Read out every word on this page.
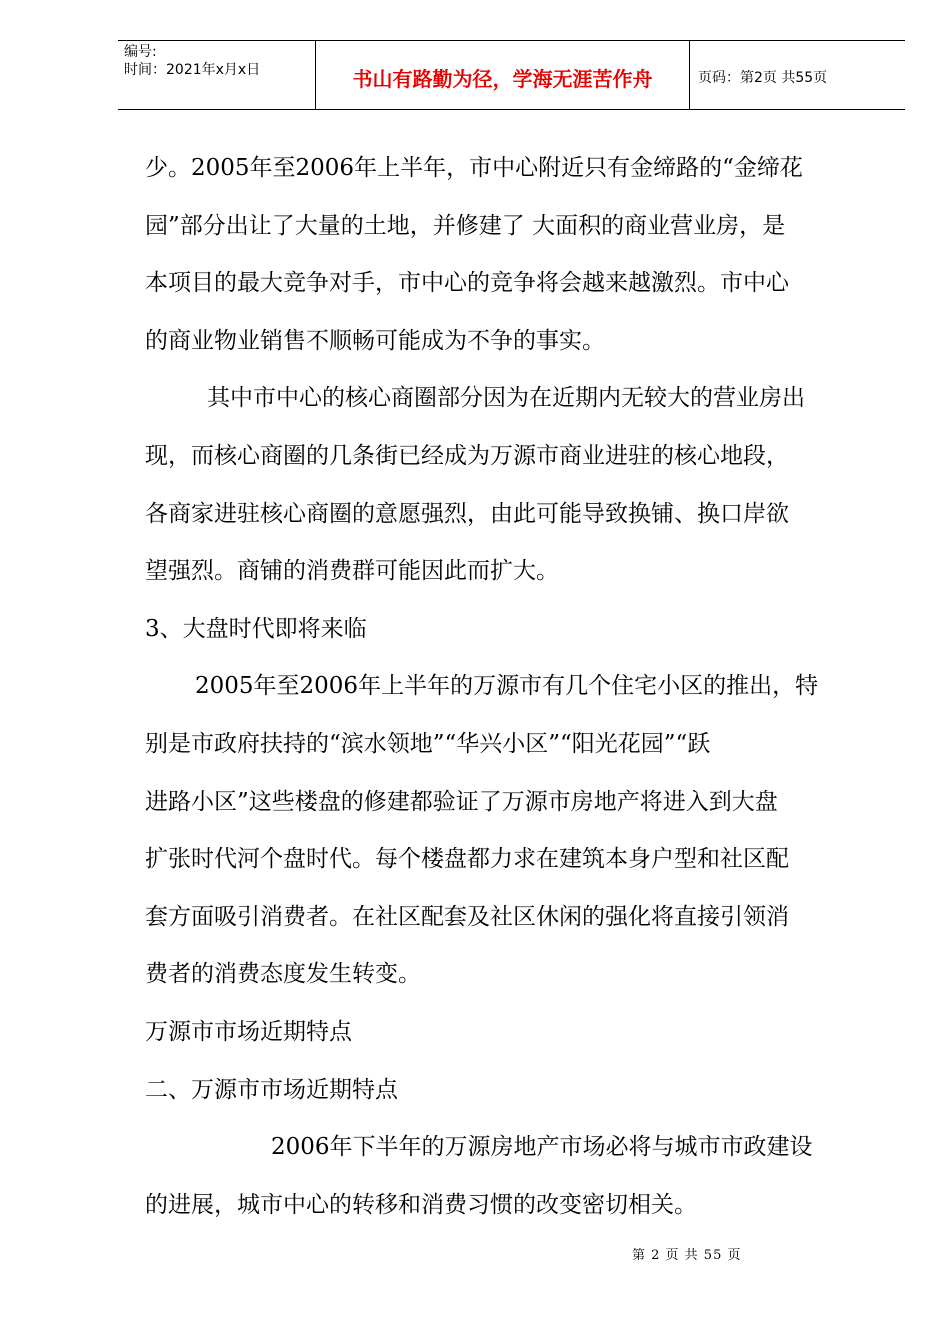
编号:
时间：2021年x月x日	书山有路勤为径，学海无涯苦作舟	页码：第2页 共55页

少。2005年至2006年上半年，市中心附近只有金缔路的“金缔花

园”部分出让了大量的土地，并修建了 大面积的商业营业房，是

本项目的最大竞争对手，市中心的竞争将会越来越激烈。市中心

的商业物业销售不顺畅可能成为不争的事实。

其中市中心的核心商圈部分因为在近期内无较大的营业房出

现，而核心商圈的几条街已经成为万源市商业进驻的核心地段，

各商家进驻核心商圈的意愿强烈，由此可能导致换铺、换口岸欲

望强烈。商铺的消费群可能因此而扩大。

3、大盘时代即将来临

2005年至2006年上半年的万源市有几个住宅小区的推出，特

别是市政府扶持的“滨水领地”“华兴小区”“阳光花园”“跃

进路小区”这些楼盘的修建都验证了万源市房地产将进入到大盘

扩张时代河个盘时代。每个楼盘都力求在建筑本身户型和社区配

套方面吸引消费者。在社区配套及社区休闲的强化将直接引领消

费者的消费态度发生转变。

万源市市场近期特点

二、万源市市场近期特点

2006年下半年的万源房地产市场必将与城市市政建设

的进展，城市中心的转移和消费习惯的改变密切相关。

第 2 页 共 55 页
